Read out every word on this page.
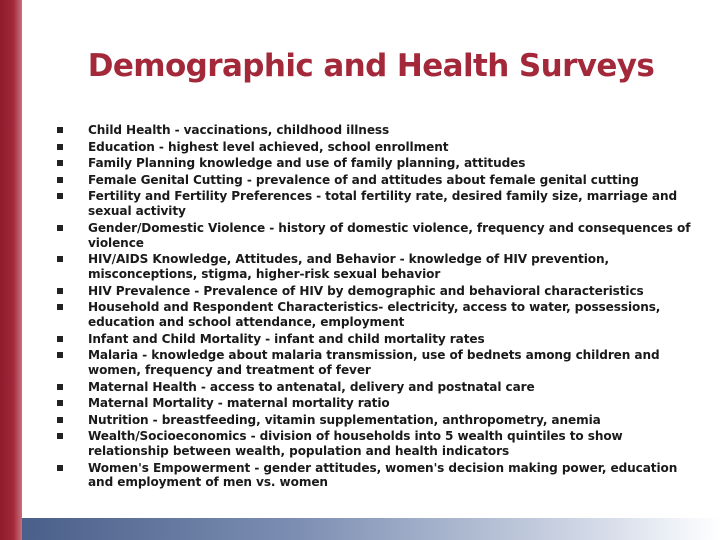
Demographic and Health Surveys
Child Health - vaccinations, childhood illness
Education - highest level achieved, school enrollment
Family Planning knowledge and use of family planning, attitudes
Female Genital Cutting - prevalence of and attitudes about female genital cutting
Fertility and Fertility Preferences - total fertility rate, desired family size, marriage and sexual activity
Gender/Domestic Violence - history of domestic violence, frequency and consequences of violence
HIV/AIDS Knowledge, Attitudes, and Behavior - knowledge of HIV prevention, misconceptions, stigma, higher-risk sexual behavior
HIV Prevalence - Prevalence of HIV by demographic and behavioral characteristics
Household and Respondent Characteristics- electricity, access to water, possessions, education and school attendance, employment
Infant and Child Mortality - infant and child mortality rates
Malaria - knowledge about malaria transmission, use of bednets among children and women, frequency and treatment of fever
Maternal Health - access to antenatal, delivery and postnatal care
Maternal Mortality - maternal mortality ratio
Nutrition - breastfeeding, vitamin supplementation, anthropometry, anemia
Wealth/Socioeconomics - division of households into 5 wealth quintiles to show relationship between wealth, population and health indicators
Women's Empowerment - gender attitudes, women's decision making power, education and employment of men vs. women
